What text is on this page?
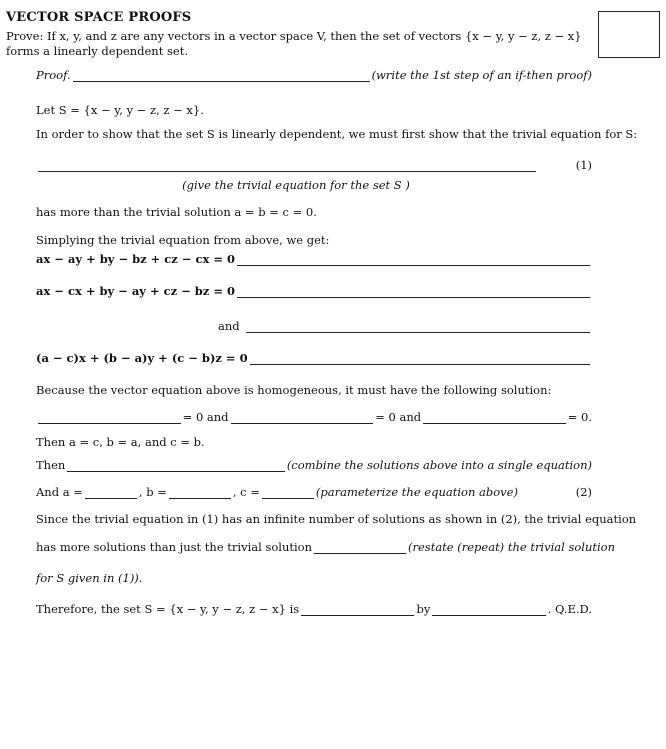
VECTOR SPACE PROOFS
Prove: If x, y, and z are any vectors in a vector space V, then the set of vectors {x − y, y − z, z − x} forms a linearly dependent set.
Proof.	(write the 1st step of an if-then proof)
Let S = {x − y, y − z, z − x}.
In order to show that the set S is linearly dependent, we must first show that the trivial equation for S:
(1)
(give the trivial equation for the set S )
has more than the trivial solution a = b = c = 0.
Simplying the trivial equation from above, we get:
ax − ay + by − bz + cz − cx = 0
ax − cx + by − ay + cz − bz = 0
and
(a − c)x + (b − a)y + (c − b)z = 0
Because the vector equation above is homogeneous, it must have the following solution:
= 0 and	= 0 and	= 0.
Then a = c, b = a, and c = b.
Then	(combine the solutions above into a single equation)
And a =	, b =	, c =	(parameterize the equation above)	(2)
Since the trivial equation in (1) has an infinite number of solutions as shown in (2), the trivial equation
has more solutions than just the trivial solution	(restate (repeat) the trivial solution
for S given in (1)).
Therefore, the set S = {x − y, y − z, z − x} is	by	. Q.E.D.
